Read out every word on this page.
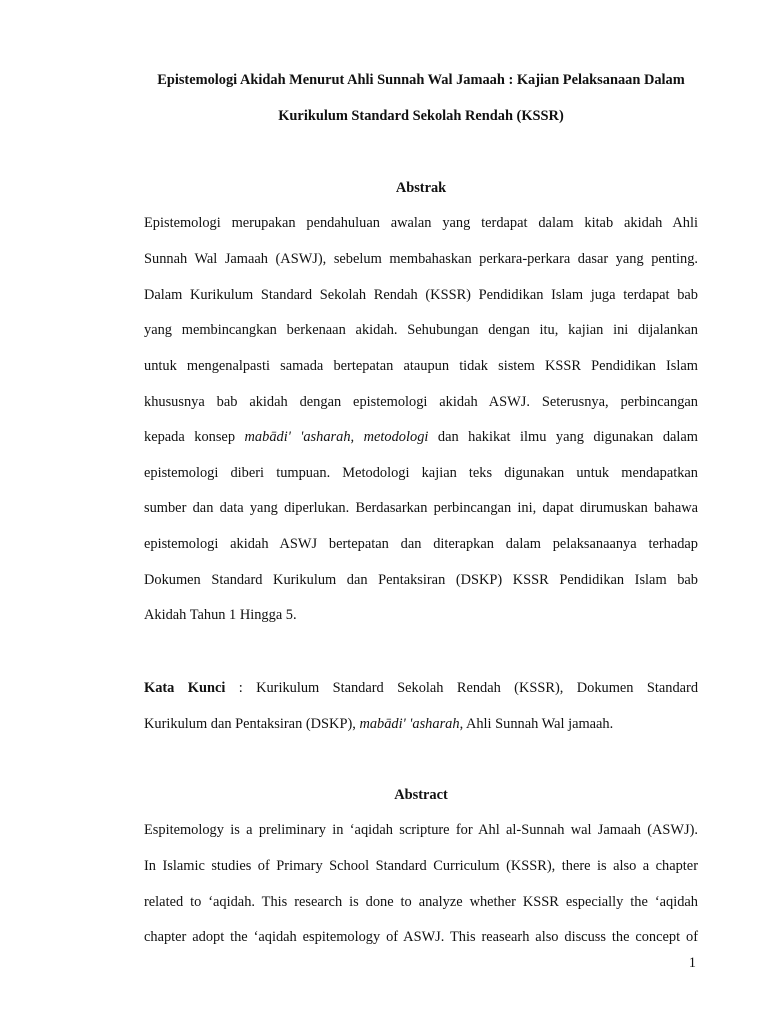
Epistemologi Akidah Menurut Ahli Sunnah Wal Jamaah : Kajian Pelaksanaan Dalam
Kurikulum Standard Sekolah Rendah (KSSR)
Abstrak
Epistemologi merupakan pendahuluan awalan yang terdapat dalam kitab akidah Ahli
Sunnah Wal Jamaah (ASWJ), sebelum membahaskan perkara-perkara dasar yang penting.
Dalam Kurikulum Standard Sekolah Rendah (KSSR) Pendidikan Islam juga terdapat bab
yang membincangkan berkenaan akidah. Sehubungan dengan itu, kajian ini dijalankan
untuk mengenalpasti samada bertepatan ataupun tidak sistem KSSR Pendidikan Islam
khususnya bab akidah dengan epistemologi akidah ASWJ. Seterusnya, perbincangan
kepada konsep mabādi' 'asharah, metodologi dan hakikat ilmu yang digunakan dalam
epistemologi diberi tumpuan. Metodologi kajian teks digunakan untuk mendapatkan
sumber dan data yang diperlukan. Berdasarkan perbincangan ini, dapat dirumuskan bahawa
epistemologi akidah ASWJ bertepatan dan diterapkan dalam pelaksanaanya terhadap
Dokumen Standard Kurikulum dan Pentaksiran (DSKP) KSSR Pendidikan Islam bab
Akidah Tahun 1 Hingga 5.
Kata Kunci : Kurikulum Standard Sekolah Rendah (KSSR), Dokumen Standard
Kurikulum dan Pentaksiran (DSKP), mabādi' 'asharah, Ahli Sunnah Wal jamaah.
Abstract
Espitemology is a preliminary in ‘aqidah scripture for Ahl al-Sunnah wal Jamaah (ASWJ).
In Islamic studies of Primary School Standard Curriculum (KSSR), there is also a chapter
related to ‘aqidah. This research is done to analyze whether KSSR especially the ‘aqidah
chapter adopt the ‘aqidah espitemology of ASWJ. This reasearh also discuss the concept of
1
